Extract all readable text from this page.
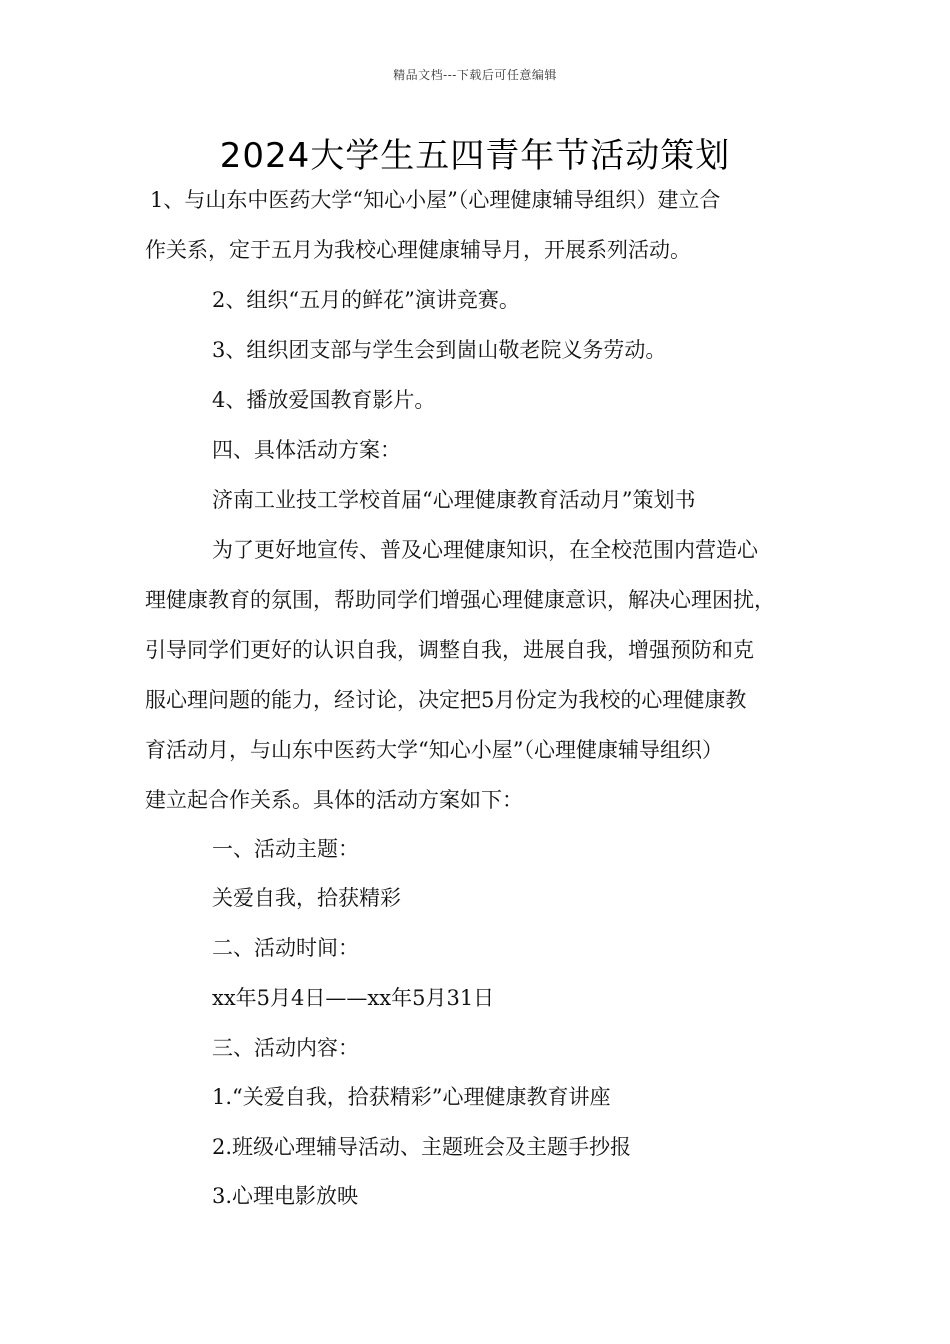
精品文档---下载后可任意编辑
2024大学生五四青年节活动策划
1、与山东中医药大学“知心小屋”（心理健康辅导组织）建立合
作关系，定于五月为我校心理健康辅导月，开展系列活动。
2、组织“五月的鲜花”演讲竞赛。
3、组织团支部与学生会到崮山敬老院义务劳动。
4、播放爱国教育影片。
四、具体活动方案：
济南工业技工学校首届“心理健康教育活动月”策划书
为了更好地宣传、普及心理健康知识，在全校范围内营造心
理健康教育的氛围，帮助同学们增强心理健康意识，解决心理困扰，
引导同学们更好的认识自我，调整自我，进展自我，增强预防和克
服心理问题的能力，经讨论，决定把5月份定为我校的心理健康教
育活动月，与山东中医药大学“知心小屋”（心理健康辅导组织）
建立起合作关系。具体的活动方案如下：
一、活动主题：
关爱自我，拾获精彩
二、活动时间：
xx年5月4日——xx年5月31日
三、活动内容：
1.“关爱自我，拾获精彩”心理健康教育讲座
2.班级心理辅导活动、主题班会及主题手抄报
3.心理电影放映
